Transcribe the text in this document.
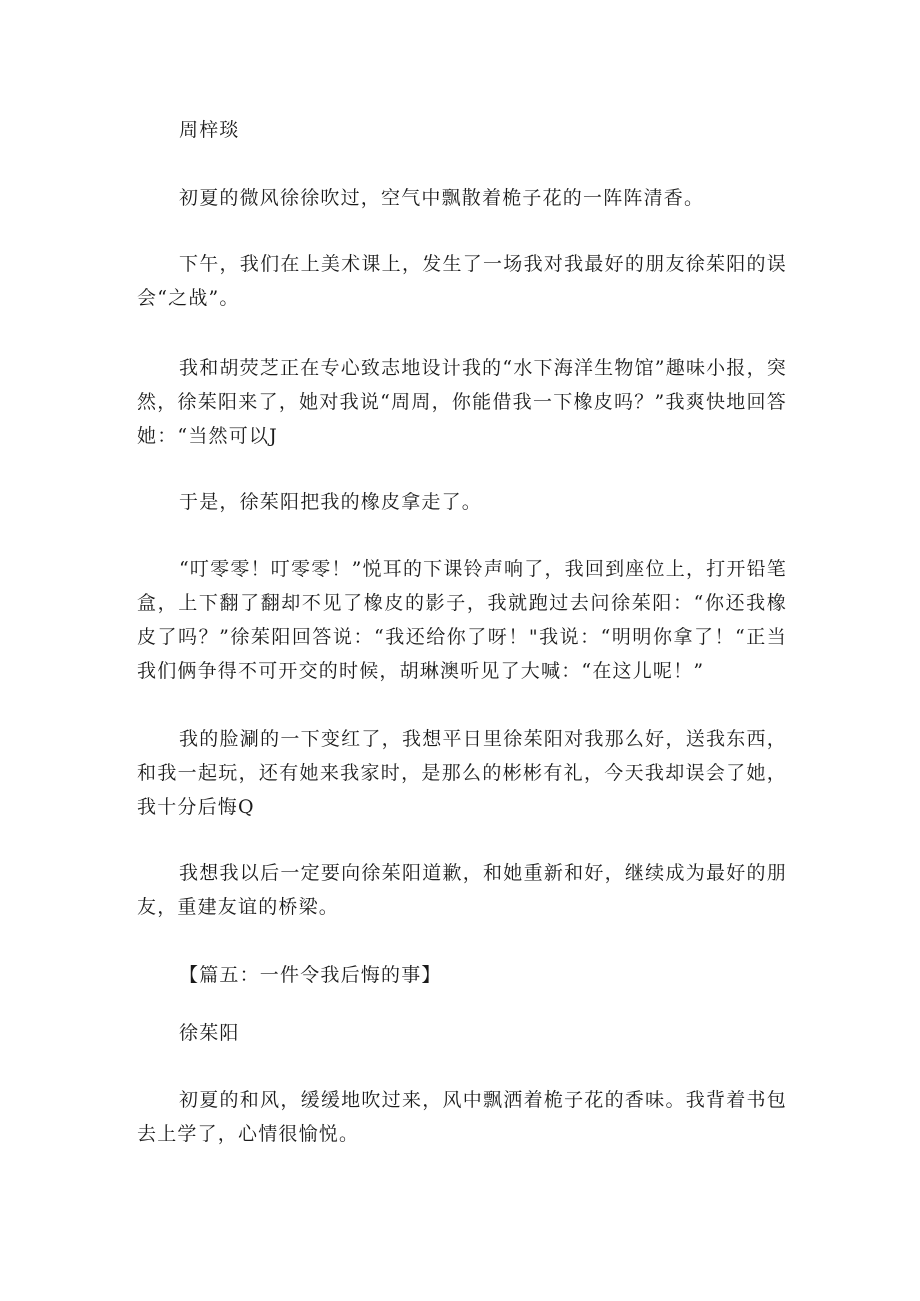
周梓琰

初夏的微风徐徐吹过，空气中飘散着桅子花的一阵阵清香。

下午，我们在上美术课上，发生了一场我对我最好的朋友徐茱阳的误会“之战”。

我和胡荧芝正在专心致志地设计我的“水下海洋生物馆”趣味小报，突然，徐茱阳来了，她对我说“周周，你能借我一下橡皮吗？”我爽快地回答她：“当然可以J

于是，徐茱阳把我的橡皮拿走了。

“叮零零！叮零零！”悦耳的下课铃声响了，我回到座位上，打开铅笔盒，上下翻了翻却不见了橡皮的影子，我就跑过去问徐茱阳：“你还我橡皮了吗？”徐茱阳回答说：“我还给你了呀！"我说：“明明你拿了！“正当我们俩争得不可开交的时候，胡琳澳听见了大喊：“在这儿呢！”

我的脸涮的一下变红了，我想平日里徐茱阳对我那么好，送我东西，和我一起玩，还有她来我家时，是那么的彬彬有礼，今天我却误会了她，我十分后悔Q

我想我以后一定要向徐茱阳道歉，和她重新和好，继续成为最好的朋友，重建友谊的桥梁。

【篇五：一件令我后悔的事】

徐茱阳

初夏的和风，缓缓地吹过来，风中飘洒着桅子花的香味。我背着书包去上学了，心情很愉悦。
